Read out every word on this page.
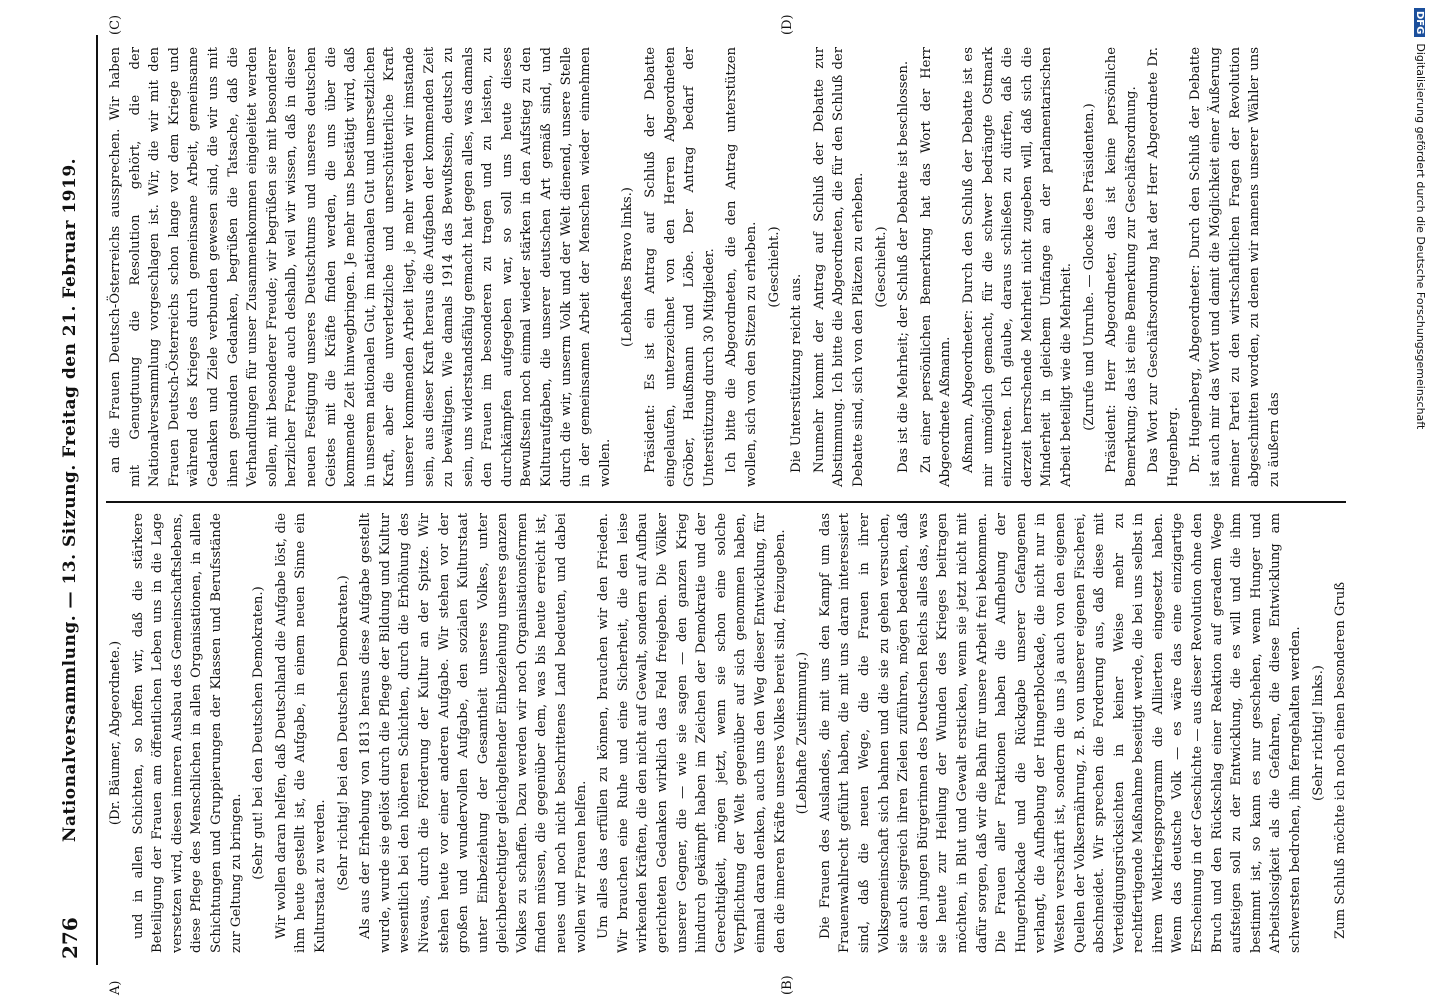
276
Nationalversammlung. — 13. Sitzung. Freitag den 21. Februar 1919. (Dr. Bäumer, Abgeordnete.) und in allen Schichten, so hoffen wir, daß die stärkere Beteiligung der Frauen am öffentlichen Leben uns in die Lage versetzen wird, diesen inneren Ausbau des Gemeinschaftslebens, diese Pflege des Menschlichen in allen Organisationen, in allen Schichtungen und Gruppierungen der Klassen und Berufsstände zur Geltung zu bringen. (Sehr gut! bei den Deutschen Demokraten.) Wir wollen daran helfen, daß Deutschland die Aufgabe löst, die ihm heute gestellt ist, die Aufgabe, in einem neuen Sinne ein Kulturstaat zu werden. (Sehr richtig! bei den Deutschen Demokraten.) Als aus der Erhebung von 1813 heraus diese Aufgabe gestellt wurde, wurde sie gelöst durch die Pflege der Bildung und Kultur wesentlich bei den höheren Schichten, durch die Erhöhung des Niveaus, durch die Förderung der Kultur an der Spitze. Wir stehen heute vor einer anderen Aufgabe. Wir stehen vor der großen und wundervollen Aufgabe, den sozialen Kulturstaat unter Einbeziehung der Gesamtheit unseres Volkes, unter gleichberechtigter gleichgeltender Einbeziehung unseres ganzen Volkes zu schaffen. Dazu werden wir noch Organisationsformen finden müssen, die gegenüber dem, was bis heute erreicht ist, neues und noch nicht beschrittenes Land bedeuten, und dabei wollen wir Frauen helfen. Um alles das erfüllen zu können, brauchen wir den Frieden. Wir brauchen eine Ruhe und eine Sicherheit, die den leise wirkenden Kräften, die den nicht auf Gewalt, sondern auf Aufbau gerichteten Gedanken wirklich das Feld freigeben. Die Völker unserer Gegner, die — wie sie sagen — den ganzen Krieg hindurch gekämpft haben im Zeichen der Demokratie und der Gerechtigkeit, mögen jetzt, wenn sie schon eine solche Verpflichtung der Welt gegenüber auf sich genommen haben, einmal daran denken, auch uns den Weg dieser Entwicklung, für den die inneren Kräfte unseres Volkes bereit sind, freizugeben. (Lebhafte Zustimmung.) Die Frauen des Auslandes, die mit uns den Kampf um das Frauenwahlrecht geführt haben, die mit uns daran interessiert sind, daß die neuen Wege, die die Frauen in ihrer Volksgemeinschaft sich bahnen und die sie zu gehen versuchen, sie auch siegreich ihren Zielen zuführen, mögen bedenken, daß sie den jungen Bürgerinnen des Deutschen Reichs alles das, was sie heute zur Heilung der Wunden des Krieges beitragen möchten, in Blut und Gewalt ersticken, wenn sie jetzt nicht mit dafür sorgen, daß wir die Bahn für unsere Arbeit frei bekommen. Die Frauen aller Fraktionen haben die Aufhebung der Hungerblockade und die Rückgabe unserer Gefangenen verlangt, die Aufhebung der Hungerblockade, die nicht nur in Westen verschärft ist, sondern die uns ja auch von den eigenen Quellen der Volksernährung, z. B. von unserer eigenen Fischerei, abschneidet. Wir sprechen die Forderung aus, daß diese mit Verteidigungsrücksichten in keiner Weise mehr zu rechtfertigende Maßnahme beseitigt werde, die bei uns selbst in ihrem Weltkriegsprogramm die Alliierten eingesetzt haben. Wenn das deutsche Volk — es wäre das eine einzigartige Erscheinung in der Geschichte — aus dieser Revolution ohne den Bruch und den Rückschlag einer Reaktion auf geradem Wege aufsteigen soll zu der Entwicklung, die es will und die ihm bestimmt ist, so kann es nur geschehen, wenn Hunger und Arbeitslosigkeit als die Gefahren, die diese Entwicklung am schwersten bedrohen, ihm ferngehalten werden. (Sehr richtig! links.) Zum Schluß möchte ich noch einen besonderen Gruß

an die Frauen Deutsch-Österreichs aussprechen. Wir haben mit Genugtuung die Resolution gehört, die der Nationalversammlung vorgeschlagen ist. Wir, die wir mit den Frauen Deutsch-Österreichs schon lange vor dem Kriege und während des Krieges durch gemeinsame Arbeit, gemeinsame Gedanken und Ziele verbunden gewesen sind, die wir uns mit ihnen gesunden Gedanken, begrüßen die Tatsache, daß die Verhandlungen für unser Zusammenkommen eingeleitet werden sollen, mit besonderer Freude; wir begrüßen sie mit besonderer herzlicher Freude auch deshalb, weil wir wissen, daß in dieser neuen Festigung unseres Deutschtums und unseres deutschen Geistes mit die Kräfte finden werden, die uns über die kommende Zeit hinwegbringen. Je mehr uns bestätigt wird, daß in unserem nationalen Gut, im nationalen Gut und unersetzlichen Kraft, aber die unverletzliche und unerschütterliche Kraft unserer kommenden Arbeit liegt, je mehr werden wir imstande sein, aus dieser Kraft heraus die Aufgaben der kommenden Zeit zu bewältigen. Wie damals 1914 das Bewußtsein, deutsch zu sein, uns widerstandsfähig gemacht hat gegen alles, was damals den Frauen im besonderen zu tragen und zu leisten, zu durchkämpfen aufgegeben war, so soll uns heute dieses Bewußtsein noch einmal wieder stärken in den Aufstieg zu den Kulturaufgaben, die unserer deutschen Art gemäß sind, und durch die wir, unserm Volk und der Welt dienend, unsere Stelle in der gemeinsamen Arbeit der Menschen wieder einnehmen wollen.

(Lebhaftes Bravo links.) Präsident: Es ist ein Antrag auf Schluß der Debatte eingelaufen, unterzeichnet von den Herren Abgeordneten Gröber, Haußmann und Löbe. Der Antrag bedarf der Unterstützung durch 30 Mitglieder. Ich bitte die Abgeordneten, die den Antrag unterstützen wollen, sich von den Sitzen zu erheben. (Geschieht.)

Die Unterstützung reicht aus. Nunmehr kommt der Antrag auf Schluß der Debatte zur Abstimmung. Ich bitte die Abgeordneten, die für den Schluß der Debatte sind, sich von den Plätzen zu erheben. (Geschieht.) Das ist die Mehrheit; der Schluß der Debatte ist beschlossen. Zu einer persönlichen Bemerkung hat das Wort der Herr Abgeordnete Aßmann. Aßmann, Abgeordneter: Durch den Schluß der Debatte ist es mir unmöglich gemacht, für die schwer bedrängte Ostmark einzutreten. Ich glaube, daraus schließen zu dürfen, daß die derzeit herrschende Mehrheit nicht zugeben will, daß sich die Minderheit in gleichem Umfange an der parlamentarischen Arbeit beteiligt wie die Mehrheit. (Zurufe und Unruhe. — Glocke des Präsidenten.) Präsident: Herr Abgeordneter, das ist keine persönliche Bemerkung; das ist eine Bemerkung zur Geschäftsordnung. Das Wort zur Geschäftsordnung hat der Herr Abgeordnete Dr. Hugenberg. Dr. Hugenberg, Abgeordneter: Durch den Schluß der Debatte ist auch mir das Wort und damit die Möglichkeit einer Äußerung meiner Partei zu den wirtschaftlichen Fragen der Revolution abgeschnitten worden, zu denen wir namens unserer Wähler uns zu äußern das

A)	(B)
(C)	(D)	DFGDigitalisierung gefördert durch die Deutsche Forschungsgemeinschaft
